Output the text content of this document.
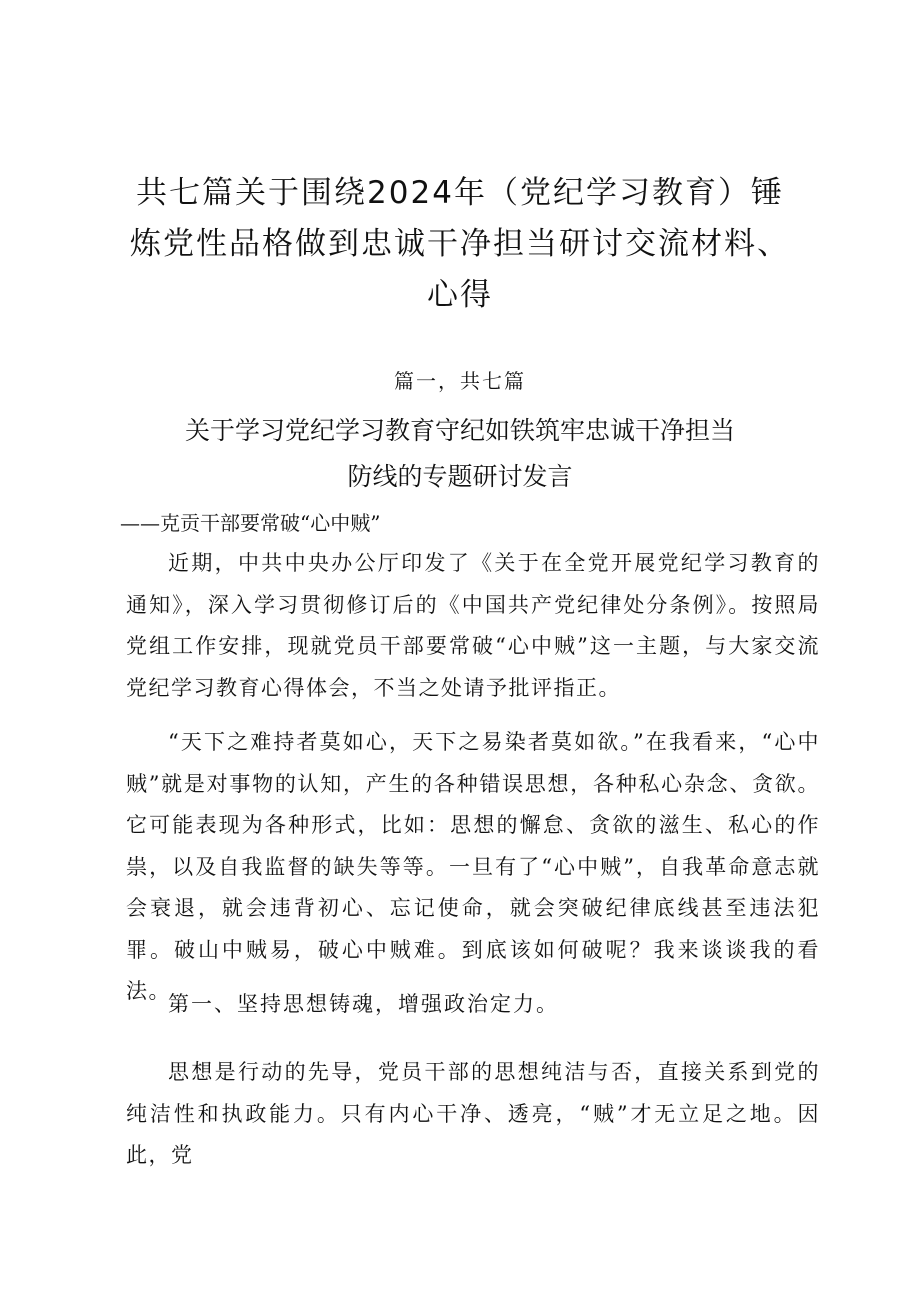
共七篇关于围绕2024年（党纪学习教育）锤
炼党性品格做到忠诚干净担当研讨交流材料、
心得
篇一，共七篇
关于学习党纪学习教育守纪如铁筑牢忠诚干净担当
防线的专题研讨发言
——克贡干部要常破“心中贼”

近期，中共中央办公厅印发了《关于在全党开展党纪学习教育的通知》，深入学习贯彻修订后的《中国共产党纪律处分条例》。按照局党组工作安排，现就党员干部要常破“心中贼”这一主题，与大家交流党纪学习教育心得体会，不当之处请予批评指正。

“天下之难持者莫如心，天下之易染者莫如欲。”在我看来，“心中贼”就是对事物的认知，产生的各种错误思想，各种私心杂念、贪欲。它可能表现为各种形式，比如：思想的懈怠、贪欲的滋生、私心的作祟，以及自我监督的缺失等等。一旦有了“心中贼”，自我革命意志就会衰退，就会违背初心、忘记使命，就会突破纪律底线甚至违法犯罪。破山中贼易，破心中贼难。到底该如何破呢？我来谈谈我的看法。

第一、坚持思想铸魂，增强政治定力。

思想是行动的先导，党员干部的思想纯洁与否，直接关系到党的纯洁性和执政能力。只有内心干净、透亮，“贼”才无立足之地。因此，党
